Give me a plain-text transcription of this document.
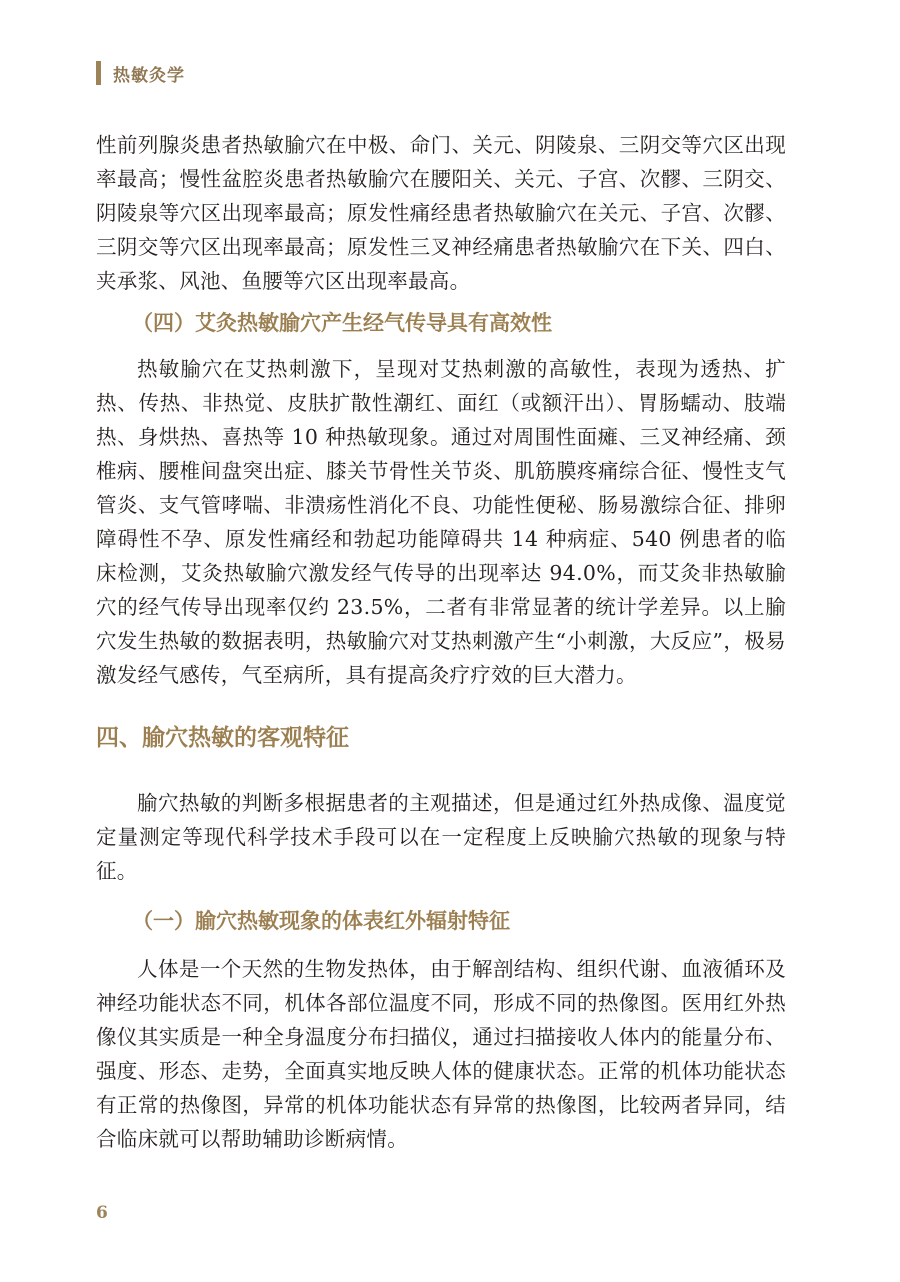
热敏灸学

性前列腺炎患者热敏腧穴在中极、命门、关元、阴陵泉、三阴交等穴区出现率最高；慢性盆腔炎患者热敏腧穴在腰阳关、关元、子宫、次髎、三阴交、阴陵泉等穴区出现率最高；原发性痛经患者热敏腧穴在关元、子宫、次髎、三阴交等穴区出现率最高；原发性三叉神经痛患者热敏腧穴在下关、四白、夹承浆、风池、鱼腰等穴区出现率最高。

（四）艾灸热敏腧穴产生经气传导具有高效性

热敏腧穴在艾热刺激下，呈现对艾热刺激的高敏性，表现为透热、扩热、传热、非热觉、皮肤扩散性潮红、面红（或额汗出）、胃肠蠕动、肢端热、身烘热、喜热等 10 种热敏现象。通过对周围性面瘫、三叉神经痛、颈椎病、腰椎间盘突出症、膝关节骨性关节炎、肌筋膜疼痛综合征、慢性支气管炎、支气管哮喘、非溃疡性消化不良、功能性便秘、肠易激综合征、排卵障碍性不孕、原发性痛经和勃起功能障碍共 14 种病症、540 例患者的临床检测，艾灸热敏腧穴激发经气传导的出现率达 94.0%，而艾灸非热敏腧穴的经气传导出现率仅约 23.5%，二者有非常显著的统计学差异。以上腧穴发生热敏的数据表明，热敏腧穴对艾热刺激产生“小刺激，大反应”，极易激发经气感传，气至病所，具有提高灸疗疗效的巨大潜力。

四、腧穴热敏的客观特征

腧穴热敏的判断多根据患者的主观描述，但是通过红外热成像、温度觉定量测定等现代科学技术手段可以在一定程度上反映腧穴热敏的现象与特征。

（一）腧穴热敏现象的体表红外辐射特征

人体是一个天然的生物发热体，由于解剖结构、组织代谢、血液循环及神经功能状态不同，机体各部位温度不同，形成不同的热像图。医用红外热像仪其实质是一种全身温度分布扫描仪，通过扫描接收人体内的能量分布、强度、形态、走势，全面真实地反映人体的健康状态。正常的机体功能状态有正常的热像图，异常的机体功能状态有异常的热像图，比较两者异同，结合临床就可以帮助辅助诊断病情。

6
